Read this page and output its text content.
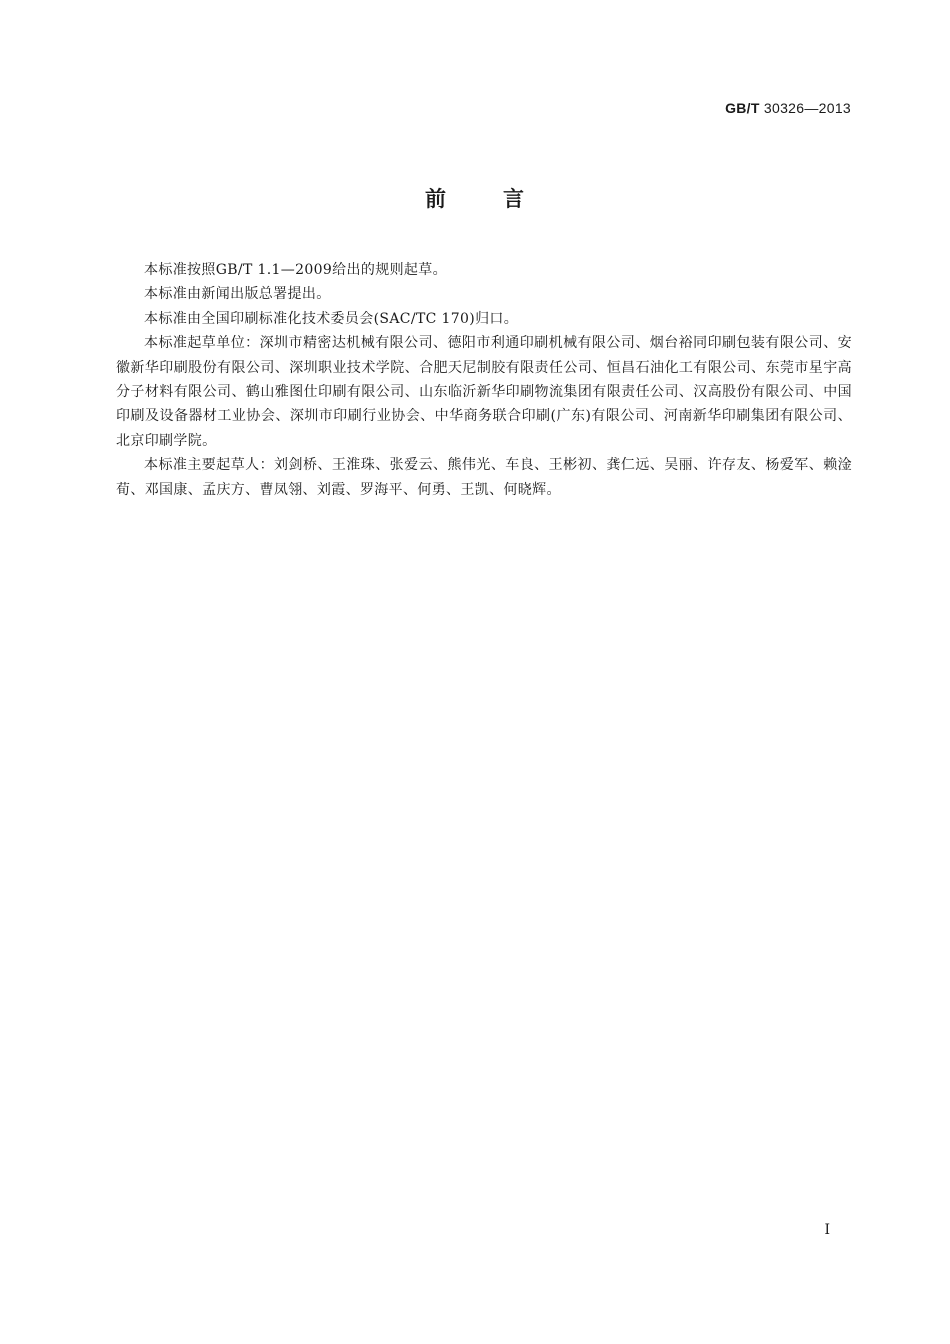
GB/T 30326—2013
前	言

本标准按照GB/T 1.1—2009给出的规则起草。

本标准由新闻出版总署提出。

本标准由全国印刷标准化技术委员会(SAC/TC 170)归口。

本标准起草单位：深圳市精密达机械有限公司、德阳市利通印刷机械有限公司、烟台裕同印刷包装有限公司、安徽新华印刷股份有限公司、深圳职业技术学院、合肥天尼制胶有限责任公司、恒昌石油化工有限公司、东莞市星宇高分子材料有限公司、鹤山雅图仕印刷有限公司、山东临沂新华印刷物流集团有限责任公司、汉高股份有限公司、中国印刷及设备器材工业协会、深圳市印刷行业协会、中华商务联合印刷(广东)有限公司、河南新华印刷集团有限公司、北京印刷学院。

本标准主要起草人：刘剑桥、王淮珠、张爱云、熊伟光、车良、王彬初、龚仁远、吴丽、许存友、杨爱军、赖淦荀、邓国康、孟庆方、曹凤翎、刘霞、罗海平、何勇、王凯、何晓辉。

I
